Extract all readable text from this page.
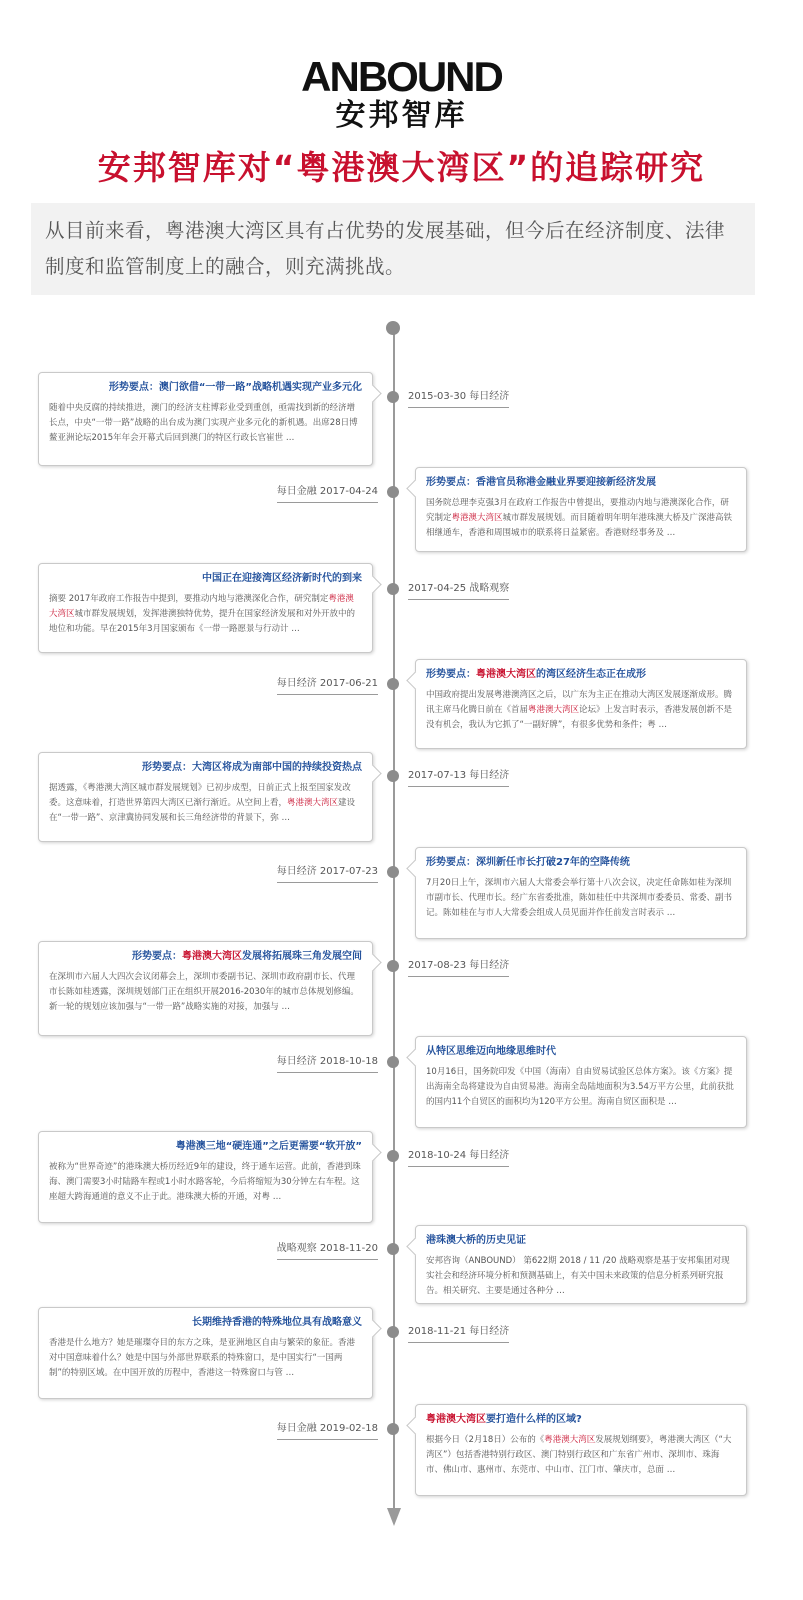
ANBOUND
安邦智库
安邦智库对“粤港澳大湾区”的追踪研究
从目前来看，粤港澳大湾区具有占优势的发展基础，但今后在经济制度、法律制度和监管制度上的融合，则充满挑战。
2015-03-30 每日经济
形势要点：澳门欲借“一带一路”战略机遇实现产业多元化
随着中央反腐的持续推进，澳门的经济支柱博彩业受到重创，亟需找到新的经济增长点，中央“一带一路”战略的出台成为澳门实现产业多元化的新机遇。出席28日博鳌亚洲论坛2015年年会开幕式后回到澳门的特区行政长官崔世 …
每日金融 2017-04-24
形势要点：香港官员称港金融业界要迎接新经济发展
国务院总理李克强3月在政府工作报告中曾提出，要推动内地与港澳深化合作，研究制定粤港澳大湾区城市群发展规划。而目随着明年明年港珠澳大桥及广深港高铁相继通车，香港和周围城市的联系将日益紧密。香港财经事务及 …
2017-04-25 战略观察
中国正在迎接湾区经济新时代的到来
摘要 2017年政府工作报告中提到，要推动内地与港澳深化合作，研究制定粤港澳大湾区城市群发展规划，发挥港澳独特优势，提升在国家经济发展和对外开放中的地位和功能。早在2015年3月国家颁布《一带一路愿景与行动计 …
每日经济 2017-06-21
形势要点：粤港澳大湾区的湾区经济生态正在成形
中国政府提出发展粤港澳湾区之后，以广东为主正在推动大湾区发展逐渐成形。腾讯主席马化腾日前在《首届粤港澳大湾区论坛》上发言时表示，香港发展创新不是没有机会，我认为它抓了“一副好牌”，有很多优势和条件；粤 …
2017-07-13 每日经济
形势要点：大湾区将成为南部中国的持续投资热点
据透露，《粤港澳大湾区城市群发展规划》已初步成型，日前正式上报至国家发改委。这意味着，打造世界第四大湾区已渐行渐近。从空间上看，粤港澳大湾区建设在“一带一路”、京津冀协同发展和长三角经济带的背景下，弥 …
每日经济 2017-07-23
形势要点：深圳新任市长打破27年的空降传统
7月20日上午，深圳市六届人大常委会举行第十八次会议，决定任命陈如桂为深圳市副市长、代理市长。经广东省委批准，陈如桂任中共深圳市委委员、常委、副书记。陈如桂在与市人大常委会组成人员见面并作任前发言时表示 …
2017-08-23 每日经济
形势要点：粤港澳大湾区发展将拓展珠三角发展空间
在深圳市六届人大四次会议闭幕会上，深圳市委副书记、深圳市政府副市长、代理市长陈如桂透露，深圳规划部门正在组织开展2016-2030年的城市总体规划修编。新一轮的规划应该加强与“一带一路”战略实施的对接，加强与 …
每日经济 2018-10-18
从特区思维迈向地缘思维时代
10月16日，国务院印发《中国（海南）自由贸易试验区总体方案》。该《方案》提出海南全岛将建设为自由贸易港。海南全岛陆地面积为3.54万平方公里，此前获批的国内11个自贸区的面积均为120平方公里。海南自贸区面积是 …
2018-10-24 每日经济
粤港澳三地“硬连通”之后更需要“软开放”
被称为“世界奇迹”的港珠澳大桥历经近9年的建设，终于通车运营。此前，香港到珠海、澳门需要3小时陆路车程或1小时水路客轮，今后将缩短为30分钟左右车程。这座超大跨海通道的意义不止于此。港珠澳大桥的开通，对粤 …
战略观察 2018-11-20
港珠澳大桥的历史见证
安邦咨询（ANBOUND） 第622期 2018 / 11 /20 战略观察是基于安邦集团对现实社会和经济环境分析和预测基础上，有关中国未来政策的信息分析系列研究报告。相关研究、主要是通过各种分 …
2018-11-21 每日经济
长期维持香港的特殊地位具有战略意义
香港是什么地方？她是璀璨夺目的东方之珠，是亚洲地区自由与繁荣的象征。香港对中国意味着什么？她是中国与外部世界联系的特殊窗口，是中国实行“一国两制”的特别区域。在中国开放的历程中，香港这一特殊窗口与管 …
每日金融 2019-02-18
粤港澳大湾区要打造什么样的区域?
根据今日（2月18日）公布的《粤港澳大湾区发展规划纲要》，粤港澳大湾区（“大湾区”）包括香港特别行政区、澳门特别行政区和广东省广州市、深圳市、珠海市、佛山市、惠州市、东莞市、中山市、江门市、肇庆市，总面 …
